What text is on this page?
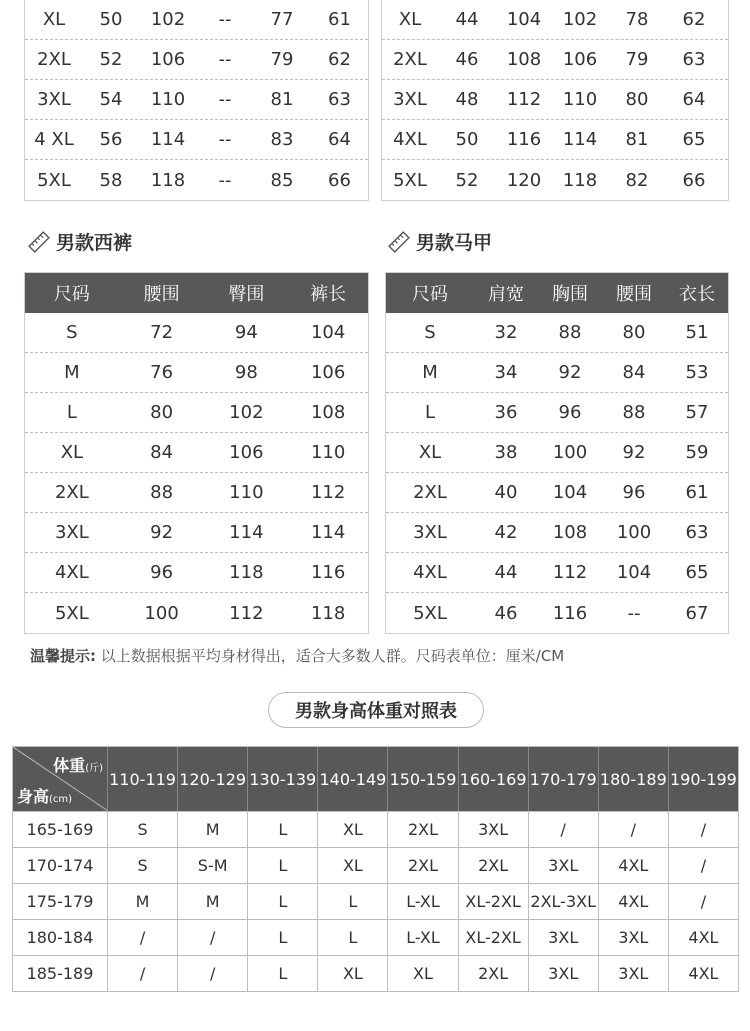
XL	50	102	--	77	61
2XL	52	106	--	79	62
3XL	54	110	--	81	63
4 XL	56	114	--	83	64
5XL	58	118	--	85	66
XL	44	104	102	78	62
2XL	46	108	106	79	63
3XL	48	112	110	80	64
4XL	50	116	114	81	65
5XL	52	120	118	82	66
男款西裤
尺码	腰围	臀围	裤长
S	72	94	104
M	76	98	106
L	80	102	108
XL	84	106	110
2XL	88	110	112
3XL	92	114	114
4XL	96	118	116
5XL	100	112	118
男款马甲
尺码	肩宽	胸围	腰围	衣长
S	32	88	80	51
M	34	92	84	53
L	36	96	88	57
XL	38	100	92	59
2XL	40	104	96	61
3XL	42	108	100	63
4XL	44	112	104	65
5XL	46	116	--	67
温馨提示: 以上数据根据平均身材得出，适合大多数人群。尺码表单位：厘米/CM
男款身高体重对照表
体重(斤)
身高(cm)
110-119 120-129 130-139 140-149 150-159 160-169 170-179 180-189 190-199
165-169	S	M	L	XL	2XL	3XL	/	/	/
170-174	S	S-M	L	XL	2XL	2XL	3XL	4XL	/
175-179	M	M	L	L	L-XL	XL-2XL 2XL-3XL	4XL	/
180-184	/	/	L	L	L-XL	XL-2XL	3XL	3XL	4XL
185-189	/	/	L	XL	XL	2XL	3XL	3XL	4XL
